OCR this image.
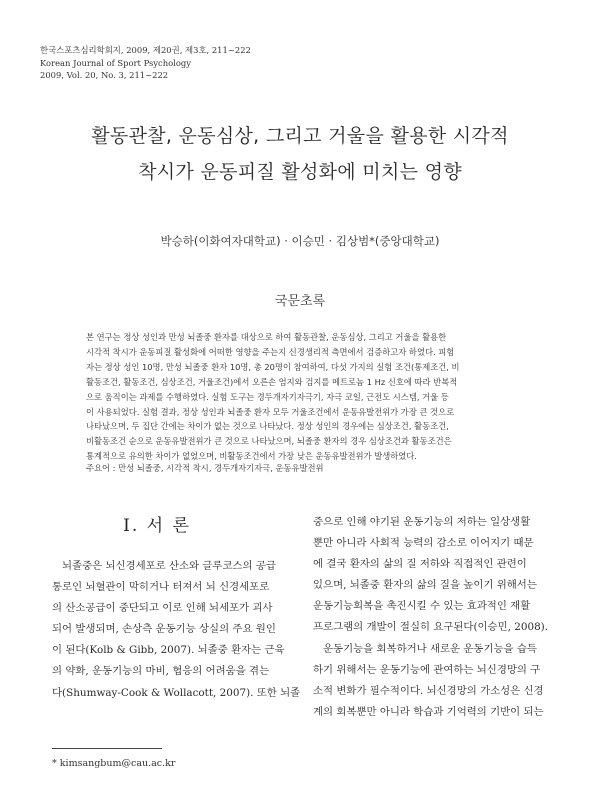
한국스포츠심리학회지, 2009, 제20권, 제3호, 211~222
Korean Journal of Sport Psychology
2009, Vol. 20, No. 3, 211~222
활동관찰, 운동심상, 그리고 거울을 활용한 시각적
착시가 운동피질 활성화에 미치는 영향
박승하(이화여자대학교) · 이승민 · 김상범*(중앙대학교)
국문초록
본 연구는 정상 성인과 만성 뇌졸중 환자를 대상으로 하여 활동관찰, 운동심상, 그리고 거울을 활용한
시각적 착시가 운동피질 활성화에 어떠한 영향을 주는지 신경생리적 측면에서 검증하고자 하였다. 피험
자는 정상 성인 10명, 만성 뇌졸중 환자 10명, 총 20명이 참여하여, 다섯 가지의 실험 조건(통제조건, 비
활동조건, 활동조건, 심상조건, 거울조건)에서 오른손 엄지와 검지를 메트로놈 1 Hz 신호에 따라 반복적
으로 움직이는 과제를 수행하였다. 실험 도구는 경두개자기자극기, 자극 코일, 근전도 시스템, 거울 등
이 사용되었다. 실험 결과, 정상 성인과 뇌졸중 환자 모두 거울조건에서 운동유발전위가 가장 큰 것으로
나타났으며, 두 집단 간에는 차이가 없는 것으로 나타났다. 정상 성인의 경우에는 심상조건, 활동조건,
비활동조건 순으로 운동유발전위가 큰 것으로 나타났으며, 뇌졸중 환자의 경우 심상조건과 활동조건은
통계적으로 유의한 차이가 없었으며, 비활동조건에서 가장 낮은 운동유발전위가 발생하였다.
주요어 : 만성 뇌졸중, 시각적 착시, 경두개자기자극, 운동유발전위
I. 서 론
뇌졸중은 뇌신경세포로 산소와 글루코스의 공급
통로인 뇌혈관이 막히거나 터져서 뇌 신경세포로
의 산소공급이 중단되고 이로 인해 뇌세포가 괴사
되어 발생되며, 손상측 운동기능 상실의 주요 원인
이 된다(Kolb & Gibb, 2007). 뇌졸중 환자는 근육
의 약화, 운동기능의 마비, 협응의 어려움을 겪는
다(Shumway-Cook & Wollacott, 2007). 또한 뇌졸
중으로 인해 야기된 운동기능의 저하는 일상생활
뿐만 아니라 사회적 능력의 감소로 이어지기 때문
에 결국 환자의 삶의 질 저하와 직접적인 관련이
있으며, 뇌졸중 환자의 삶의 질을 높이기 위해서는
운동기능회복을 촉진시킬 수 있는 효과적인 재활
프로그램의 개발이 절실히 요구된다(이승민, 2008).
운동기능을 회복하거나 새로운 운동기능을 습득
하기 위해서는 운동기능에 관여하는 뇌신경망의 구
소적 변화가 필수적이다. 뇌신경망의 가소성은 신경
계의 회복뿐만 아니라 학습과 기억력의 기반이 되는
* kimsangbum@cau.ac.kr
